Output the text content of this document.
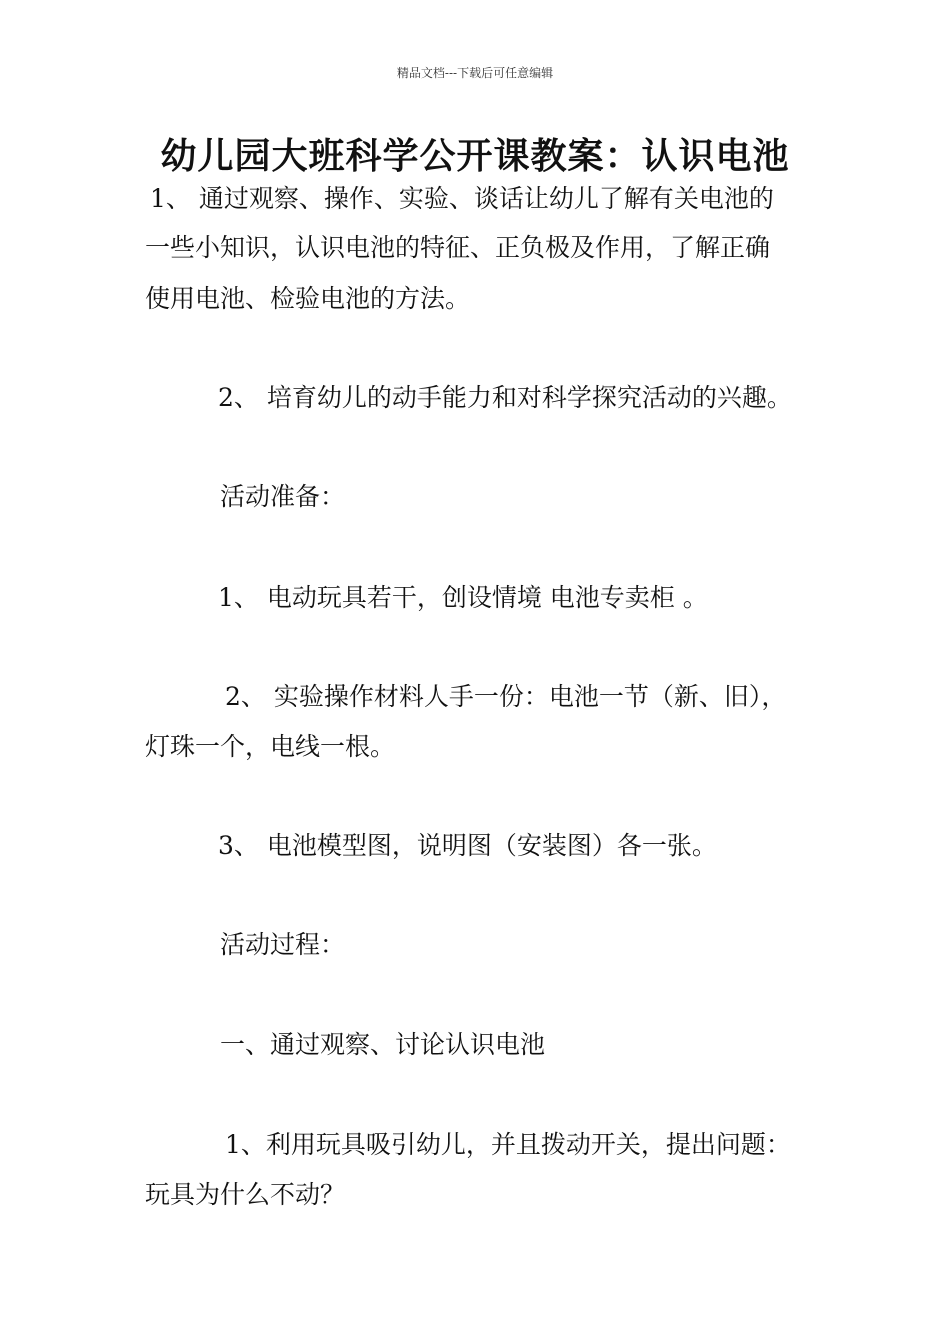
精品文档---下载后可任意编辑
幼儿园大班科学公开课教案：认识电池
1、 通过观察、操作、实验、谈话让幼儿了解有关电池的
一些小知识，认识电池的特征、正负极及作用，了解正确
使用电池、检验电池的方法。
2、 培育幼儿的动手能力和对科学探究活动的兴趣。
活动准备：
1、 电动玩具若干，创设情境 电池专卖柜 。
2、 实验操作材料人手一份：电池一节（新、旧），
灯珠一个，电线一根。
3、 电池模型图，说明图（安装图）各一张。
活动过程：
一、通过观察、讨论认识电池
1、利用玩具吸引幼儿，并且拨动开关，提出问题：
玩具为什么不动？
